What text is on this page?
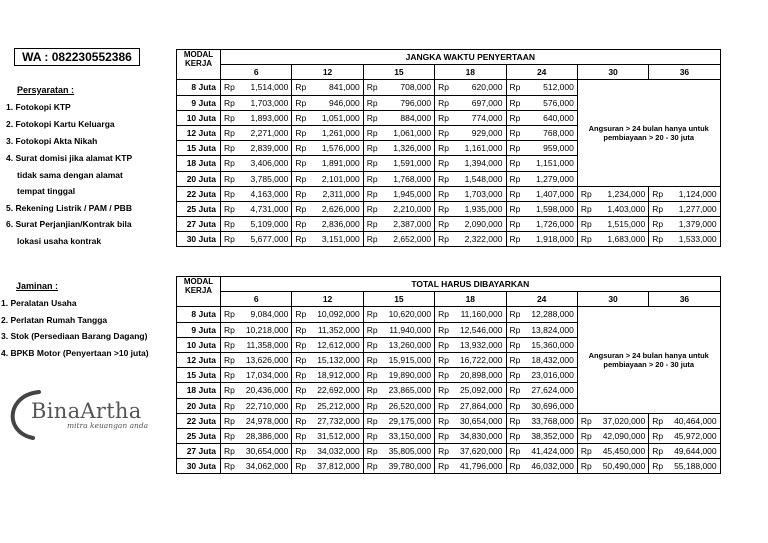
WA : 082230552386
Persyaratan :
1. Fotokopi KTP
2. Fotokopi Kartu Keluarga
3. Fotokopi Akta Nikah
4. Surat domisi jika alamat KTP
tidak sama dengan alamat
tempat tinggal
5. Rekening Listrik / PAM / PBB
6. Surat Perjanjian/Kontrak bila
lokasi usaha kontrak
Jaminan :
1. Peralatan Usaha
2. Perlatan Rumah Tangga
3. Stok (Persediaan Barang Dagang)
4. BPKB Motor (Penyertaan >10 juta)
BinaArtha
mitra keuangan anda
MODAL KERJA	JANGKA WAKTU PENYERTAAN													
	6		12		15		18		24		30		36	
8 Juta	Rp	1,514,000	Rp	841,000	Rp	708,000	Rp	620,000	Rp	512,000	Angsuran > 24 bulan hanya untuk pembiayaan > 20 - 30 juta			
9 Juta	Rp	1,703,000	Rp	946,000	Rp	796,000	Rp	697,000	Rp	576,000				
10 Juta	Rp	1,893,000	Rp	1,051,000	Rp	884,000	Rp	774,000	Rp	640,000				
12 Juta	Rp	2,271,000	Rp	1,261,000	Rp	1,061,000	Rp	929,000	Rp	768,000				
15 Juta	Rp	2,839,000	Rp	1,576,000	Rp	1,326,000	Rp	1,161,000	Rp	959,000				
18 Juta	Rp	3,406,000	Rp	1,891,000	Rp	1,591,000	Rp	1,394,000	Rp	1,151,000				
20 Juta	Rp	3,785,000	Rp	2,101,000	Rp	1,768,000	Rp	1,548,000	Rp	1,279,000				
22 Juta	Rp	4,163,000	Rp	2,311,000	Rp	1,945,000	Rp	1,703,000	Rp	1,407,000	Rp	1,234,000	Rp	1,124,000
25 Juta	Rp	4,731,000	Rp	2,626,000	Rp	2,210,000	Rp	1,935,000	Rp	1,598,000	Rp	1,403,000	Rp	1,277,000
27 Juta	Rp	5,109,000	Rp	2,836,000	Rp	2,387,000	Rp	2,090,000	Rp	1,726,000	Rp	1,515,000	Rp	1,379,000
30 Juta	Rp	5,677,000	Rp	3,151,000	Rp	2,652,000	Rp	2,322,000	Rp	1,918,000	Rp	1,683,000	Rp	1,533,000
MODAL KERJA	TOTAL HARUS DIBAYARKAN													
	6		12		15		18		24		30		36	
8 Juta	Rp	9,084,000	Rp	10,092,000	Rp	10,620,000	Rp	11,160,000	Rp	12,288,000	Angsuran > 24 bulan hanya untuk pembiayaan > 20 - 30 juta			
9 Juta	Rp	10,218,000	Rp	11,352,000	Rp	11,940,000	Rp	12,546,000	Rp	13,824,000				
10 Juta	Rp	11,358,000	Rp	12,612,000	Rp	13,260,000	Rp	13,932,000	Rp	15,360,000				
12 Juta	Rp	13,626,000	Rp	15,132,000	Rp	15,915,000	Rp	16,722,000	Rp	18,432,000				
15 Juta	Rp	17,034,000	Rp	18,912,000	Rp	19,890,000	Rp	20,898,000	Rp	23,016,000				
18 Juta	Rp	20,436,000	Rp	22,692,000	Rp	23,865,000	Rp	25,092,000	Rp	27,624,000				
20 Juta	Rp	22,710,000	Rp	25,212,000	Rp	26,520,000	Rp	27,864,000	Rp	30,696,000				
22 Juta	Rp	24,978,000	Rp	27,732,000	Rp	29,175,000	Rp	30,654,000	Rp	33,768,000	Rp	37,020,000	Rp	40,464,000
25 Juta	Rp	28,386,000	Rp	31,512,000	Rp	33,150,000	Rp	34,830,000	Rp	38,352,000	Rp	42,090,000	Rp	45,972,000
27 Juta	Rp	30,654,000	Rp	34,032,000	Rp	35,805,000	Rp	37,620,000	Rp	41,424,000	Rp	45,450,000	Rp	49,644,000
30 Juta	Rp	34,062,000	Rp	37,812,000	Rp	39,780,000	Rp	41,796,000	Rp	46,032,000	Rp	50,490,000	Rp	55,188,000
